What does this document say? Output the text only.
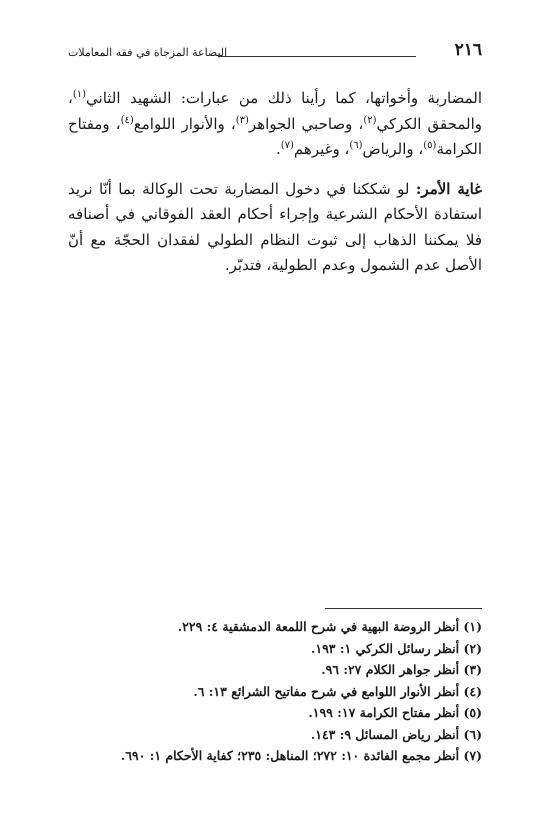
٢١٦
البضاعة المزجاة في فقه المعاملات

المضاربة وأخواتها، كما رأينا ذلك من عبارات: الشهيد الثاني$^{(١)}$، والمحقق الكركي$^{(٢)}$، وصاحبي الجواهر$^{(٣)}$، والأنوار اللوامع$^{(٤)}$، ومفتاح الكرامة$^{(٥)}$، والرياض$^{(٦)}$، وغيرهم$^{(٧)}$.

غاية الأمر: لو شككنا في دخول المضاربة تحت الوكالة بما أنّا نريد استفادة الأحكام الشرعية وإجراء أحكام العقد الفوقاني في أصنافه فلا يمكننا الذهاب إلى ثبوت النظام الطولي لفقدان الحجّة مع أنّ الأصل عدم الشمول وعدم الطولية، فتدبّر.

(١) أنظر الروضة البهية في شرح اللمعة الدمشقية ٤: ٢٢٩.
(٢) أنظر رسائل الكركي ١: ١٩٣.
(٣) أنظر جواهر الكلام ٢٧: ٩٦.
(٤) أنظر الأنوار اللوامع في شرح مفاتيح الشرائع ١٣: ٦.
(٥) أنظر مفتاح الكرامة ١٧: ١٩٩.
(٦) أنظر رياض المسائل ٩: ١٤٣.
(٧) أنظر مجمع الفائدة ١٠: ٢٧٢؛ المناهل: ٢٣٥؛ كفاية الأحكام ١: ٦٩٠.
